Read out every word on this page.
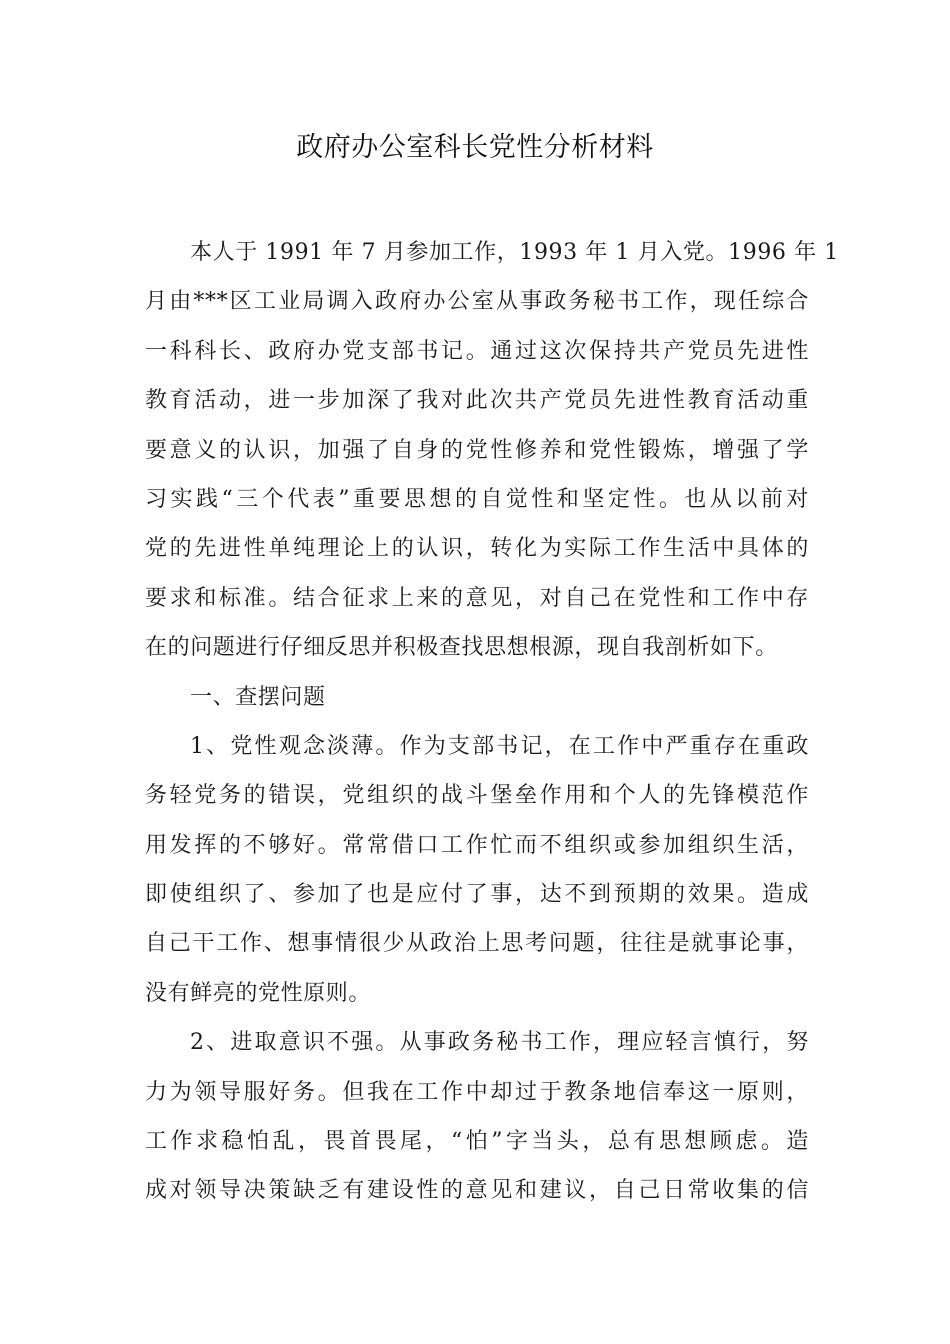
政府办公室科长党性分析材料
本人于 1991 年 7 月参加工作，1993 年 1 月入党。1996 年 1
月由***区工业局调入政府办公室从事政务秘书工作，现任综合
一科科长、政府办党支部书记。通过这次保持共产党员先进性
教育活动，进一步加深了我对此次共产党员先进性教育活动重
要意义的认识，加强了自身的党性修养和党性锻炼，增强了学
习实践“三个代表”重要思想的自觉性和坚定性。也从以前对
党的先进性单纯理论上的认识，转化为实际工作生活中具体的
要求和标准。结合征求上来的意见，对自己在党性和工作中存
在的问题进行仔细反思并积极查找思想根源，现自我剖析如下。
一、查摆问题
1、党性观念淡薄。作为支部书记，在工作中严重存在重政
务轻党务的错误，党组织的战斗堡垒作用和个人的先锋模范作
用发挥的不够好。常常借口工作忙而不组织或参加组织生活，
即使组织了、参加了也是应付了事，达不到预期的效果。造成
自己干工作、想事情很少从政治上思考问题，往往是就事论事，
没有鲜亮的党性原则。
2、进取意识不强。从事政务秘书工作，理应轻言慎行，努
力为领导服好务。但我在工作中却过于教条地信奉这一原则，
工作求稳怕乱，畏首畏尾，“怕”字当头，总有思想顾虑。造
成对领导决策缺乏有建设性的意见和建议，自己日常收集的信
